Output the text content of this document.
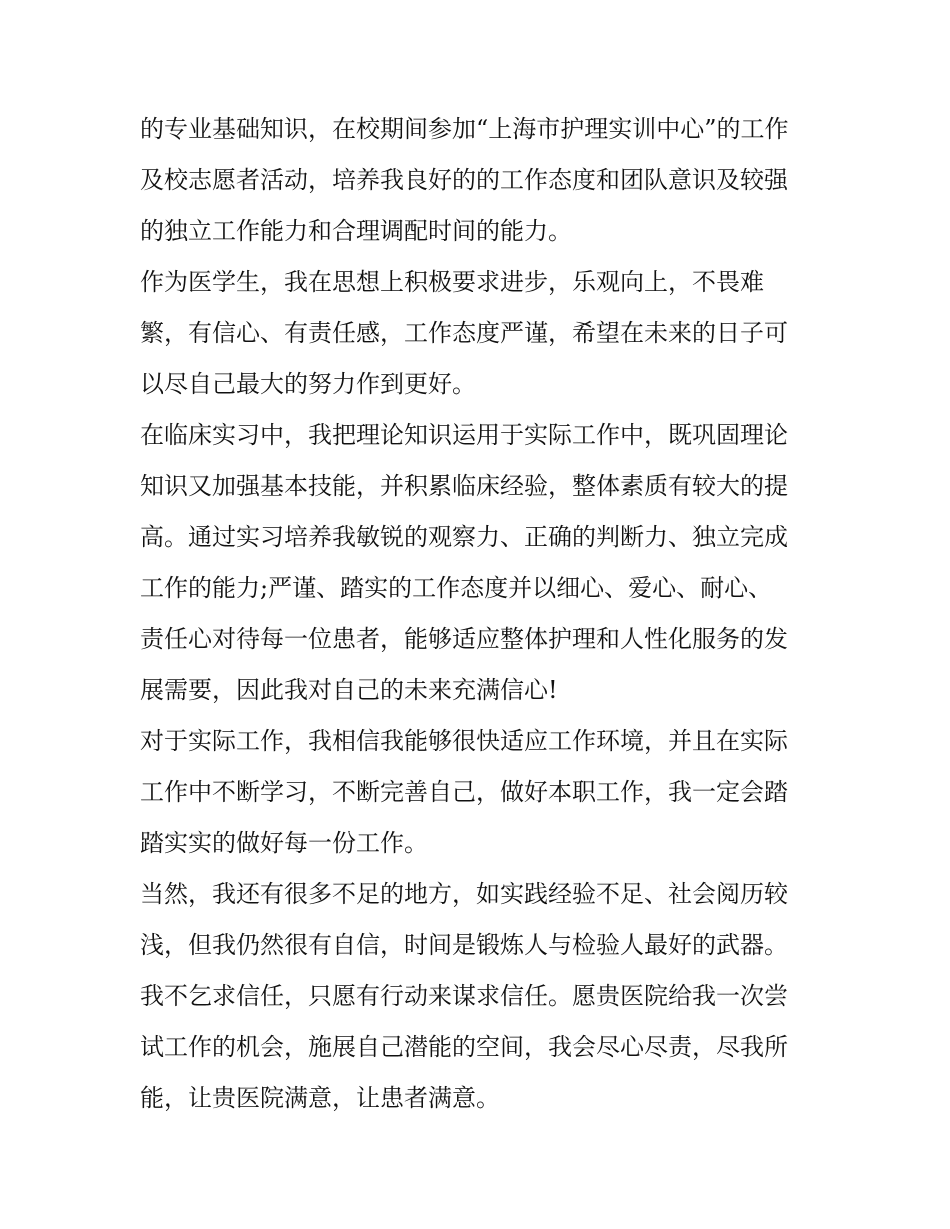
的专业基础知识，在校期间参加“上海市护理实训中心”的工作
及校志愿者活动，培养我良好的的工作态度和团队意识及较强
的独立工作能力和合理调配时间的能力。
作为医学生，我在思想上积极要求进步，乐观向上，不畏难
繁，有信心、有责任感，工作态度严谨，希望在未来的日子可
以尽自己最大的努力作到更好。
在临床实习中，我把理论知识运用于实际工作中，既巩固理论
知识又加强基本技能，并积累临床经验，整体素质有较大的提
高。通过实习培养我敏锐的观察力、正确的判断力、独立完成
工作的能力;严谨、踏实的工作态度并以细心、爱心、耐心、
责任心对待每一位患者，能够适应整体护理和人性化服务的发
展需要，因此我对自己的未来充满信心!
对于实际工作，我相信我能够很快适应工作环境，并且在实际
工作中不断学习，不断完善自己，做好本职工作，我一定会踏
踏实实的做好每一份工作。
当然，我还有很多不足的地方，如实践经验不足、社会阅历较
浅，但我仍然很有自信，时间是锻炼人与检验人最好的武器。
我不乞求信任，只愿有行动来谋求信任。愿贵医院给我一次尝
试工作的机会，施展自己潜能的空间，我会尽心尽责，尽我所
能，让贵医院满意，让患者满意。
